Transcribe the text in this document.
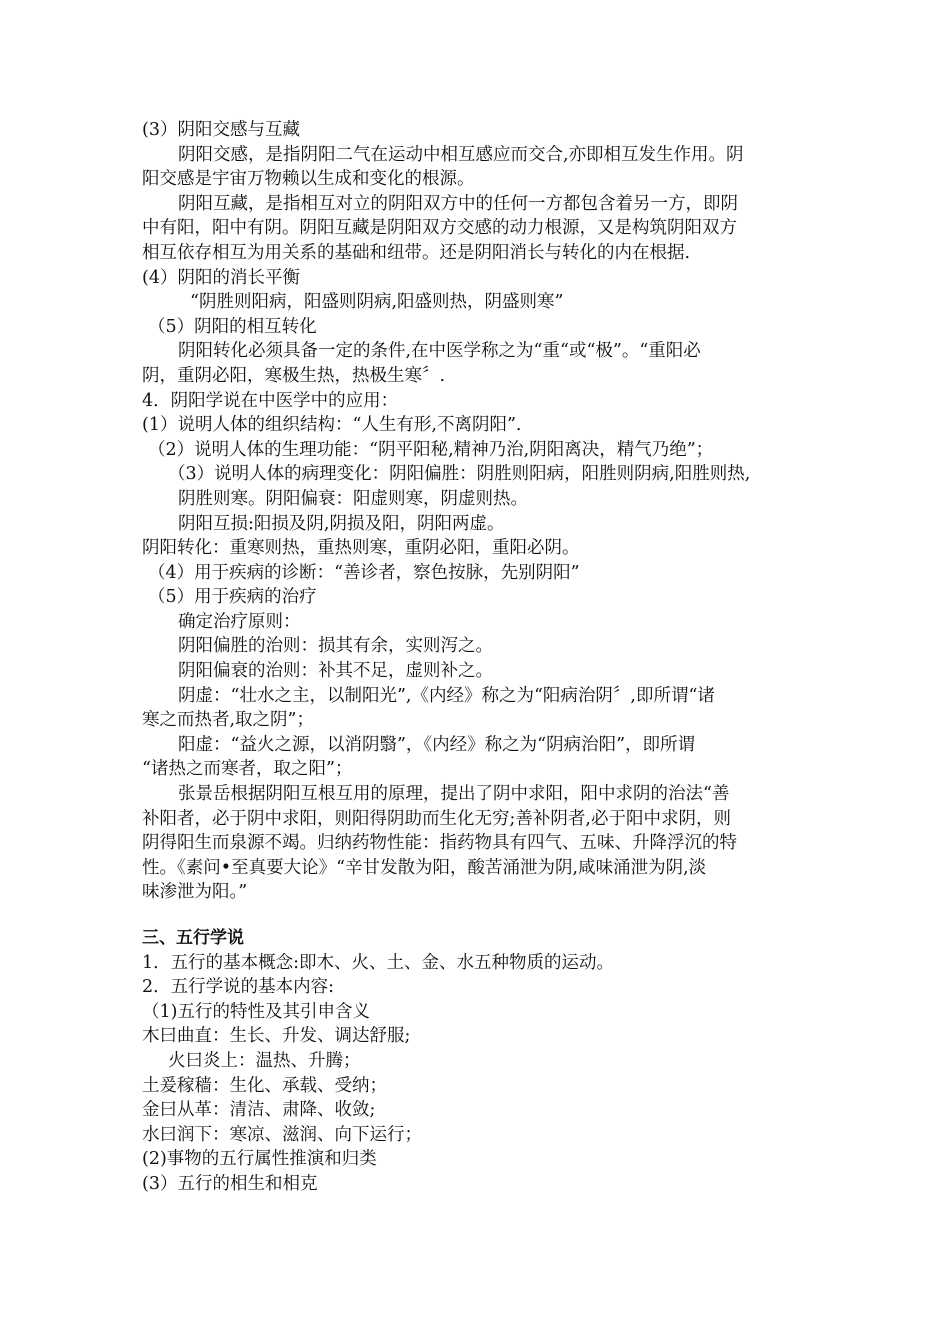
(3）阴阳交感与互藏
阴阳交感，是指阴阳二气在运动中相互感应而交合,亦即相互发生作用。阴
阳交感是宇宙万物赖以生成和变化的根源。
阴阳互藏，是指相互对立的阴阳双方中的任何一方都包含着另一方，即阴
中有阳，阳中有阴。阴阳互藏是阴阳双方交感的动力根源，又是构筑阴阳双方
相互依存相互为用关系的基础和纽带。还是阴阳消长与转化的内在根据.
(4）阴阳的消长平衡
“阴胜则阳病，阳盛则阴病,阳盛则热，阴盛则寒”
（5）阴阳的相互转化
阴阳转化必须具备一定的条件,在中医学称之为“重“或“极”。“重阳必
阴，重阴必阳，寒极生热，热极生寒〞.
4．阴阳学说在中医学中的应用：
(1）说明人体的组织结构：“人生有形,不离阴阳”.
（2）说明人体的生理功能：“阴平阳秘,精神乃治,阴阳离决，精气乃绝”；
（3）说明人体的病理变化：阴阳偏胜：阴胜则阳病，阳胜则阴病,阳胜则热,
阴胜则寒。阴阳偏衰：阳虚则寒，阴虚则热。
阴阳互损:阳损及阴,阴损及阳，阴阳两虚。
阴阳转化：重寒则热，重热则寒，重阴必阳，重阳必阴。
（4）用于疾病的诊断：“善诊者，察色按脉，先别阴阳”
（5）用于疾病的治疗
确定治疗原则：
阴阳偏胜的治则：损其有余，实则泻之。
阴阳偏衰的治则：补其不足，虚则补之。
阴虚：“壮水之主，以制阳光”,《内经》称之为“阳病治阴〞,即所谓“诸
寒之而热者,取之阴”；
阳虚：“益火之源，以消阴翳”，《内经》称之为“阴病治阳”，即所谓
“诸热之而寒者，取之阳”；
张景岳根据阴阳互根互用的原理，提出了阴中求阳，阳中求阴的治法“善
补阳者，必于阴中求阳，则阳得阴助而生化无穷;善补阴者,必于阳中求阴，则
阴得阳生而泉源不竭。归纳药物性能：指药物具有四气、五味、升降浮沉的特
性。《素问•至真要大论》“辛甘发散为阳，酸苦涌泄为阴,咸味涌泄为阴,淡
味渗泄为阳。”
三、五行学说
1．五行的基本概念:即木、火、土、金、水五种物质的运动。
2．五行学说的基本内容:
（1)五行的特性及其引申含义
木曰曲直：生长、升发、调达舒服;
火曰炎上：温热、升腾；
土爰稼穑：生化、承载、受纳；
金曰从革：清洁、肃降、收敛;
水曰润下：寒凉、滋润、向下运行；
(2)事物的五行属性推演和归类
(3）五行的相生和相克
